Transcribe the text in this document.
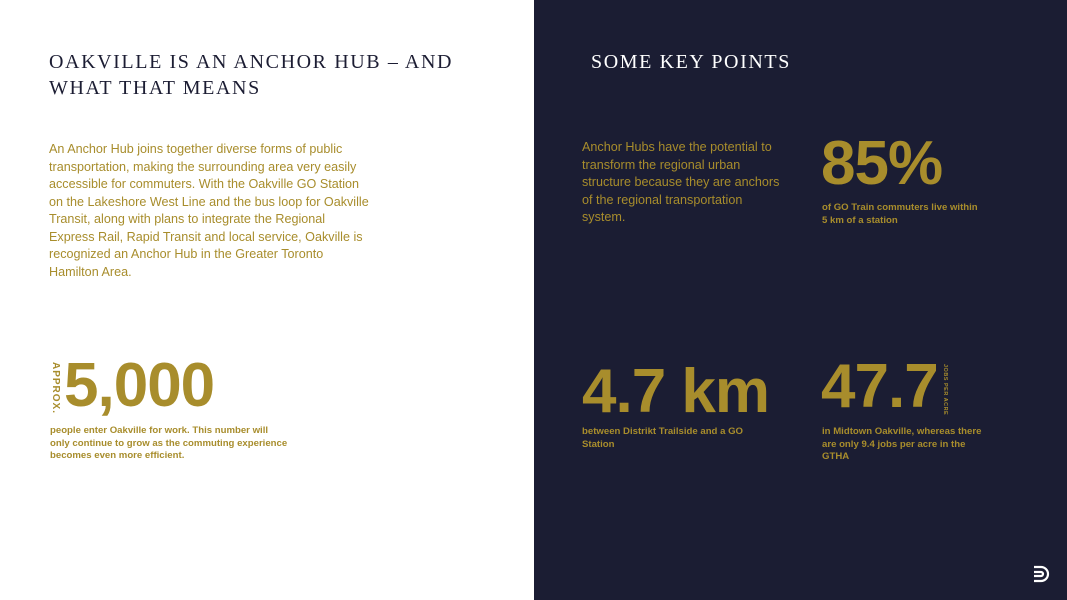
OAKVILLE IS AN ANCHOR HUB – AND WHAT THAT MEANS

An Anchor Hub joins together diverse forms of public transportation, making the surrounding area very easily accessible for commuters. With the Oakville GO Station on the Lakeshore West Line and the bus loop for Oakville Transit, along with plans to integrate the Regional Express Rail, Rapid Transit and local service, Oakville is recognized an Anchor Hub in the Greater Toronto Hamilton Area.

APPROX. 5,000

people enter Oakville for work. This number will only continue to grow as the commuting experience becomes even more efficient.

SOME KEY POINTS

Anchor Hubs have the potential to transform the regional urban structure because they are anchors of the regional transportation system.

85%

of GO Train commuters live within 5 km of a station

4.7 km

between Distrikt Trailside and a GO Station

47.7 JOBS PER ACRE

in Midtown Oakville, whereas there are only 9.4 jobs per acre in the GTHA
